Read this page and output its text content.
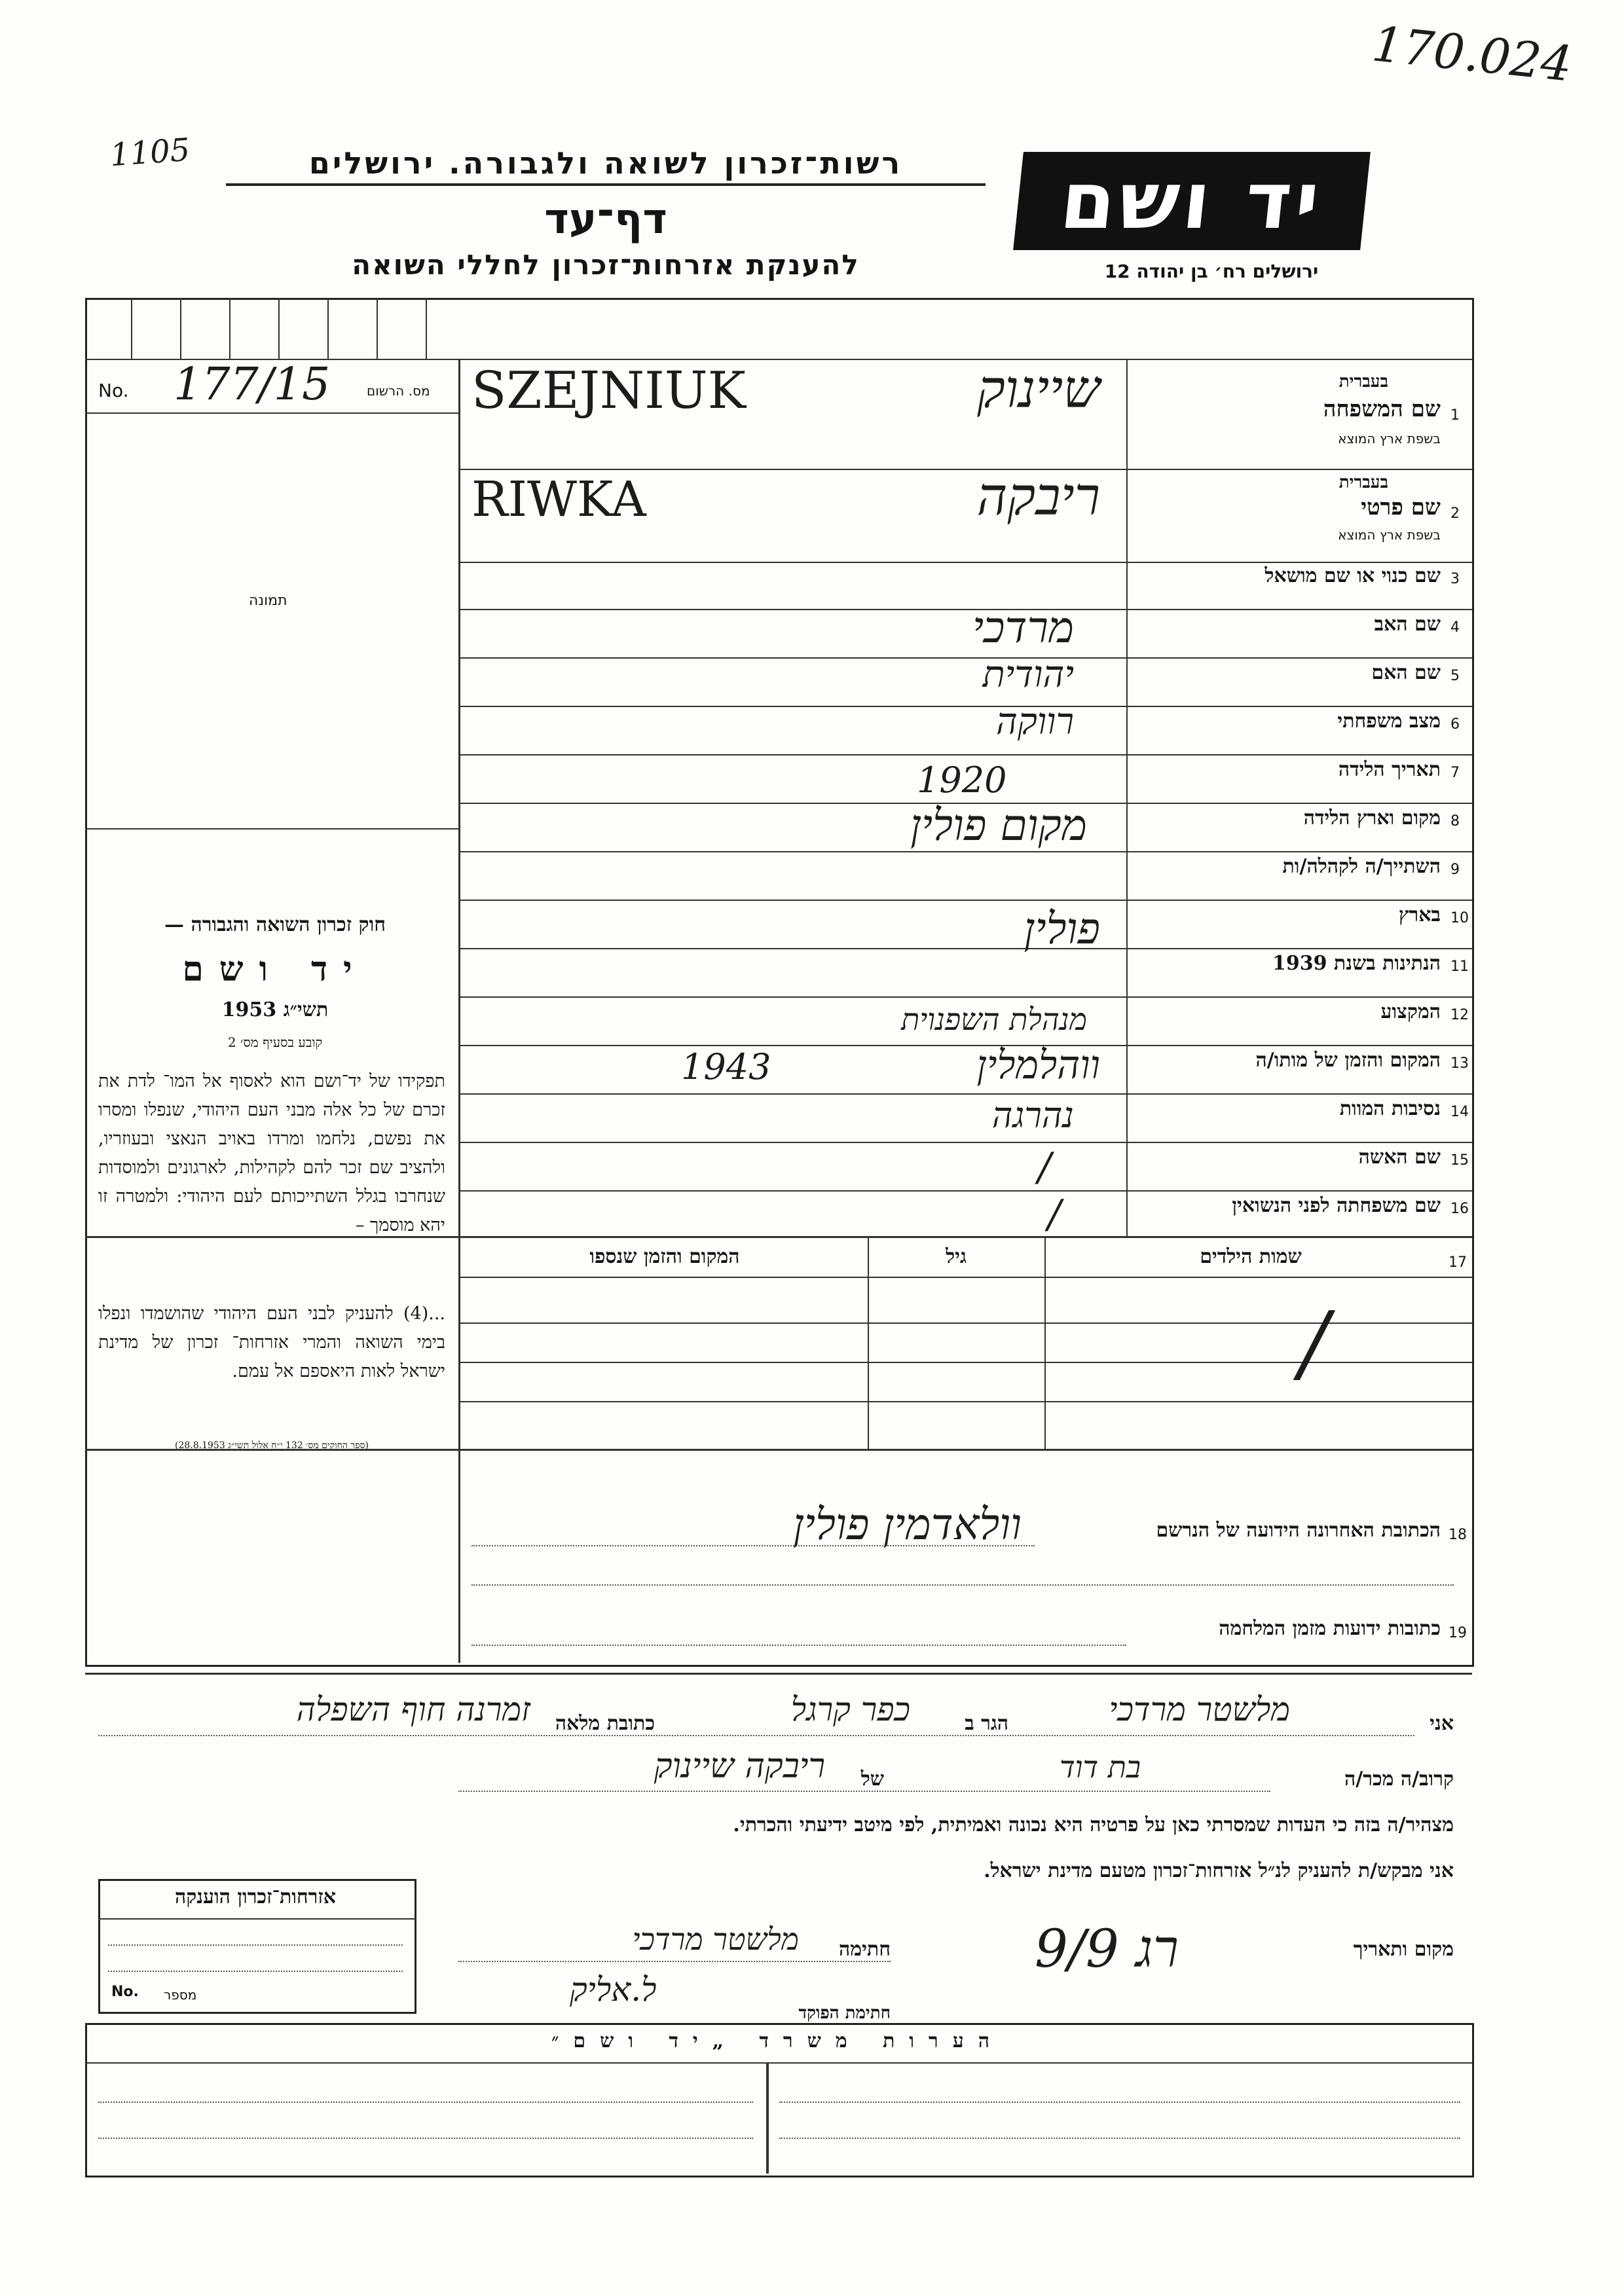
170.024
1105	רשות־זכרון לשואה ולגבורה. ירושלים
דף־עד
להענקת אזרחות־זכרון לחללי השואה
יד ושם
ירושלים רח׳ בן יהודה 12
No. 177/15	מס. הרשום
תמונה
1
שם המשפחה
בעברית
בשפת ארץ המוצא
שיינוק
SZEJNIUK
2
שם פרטי
בעברית
בשפת ארץ המוצא
ריבקה
RIWKA
3
שם כנוי או שם מושאל
4
שם האב
מרדכי
5
שם האם
יהודית
6
מצב משפחתי
רווקה
7
תאריך הלידה
1920
8
מקום וארץ הלידה
מקום פולין
9
השתייך/ה לקהלה/ות
10
בארץ
פולין
11
הנתינות בשנת 1939
12
המקצוע
מנהלת השפנוית
13
המקום והזמן של מותו/ה
ווהלמלין
1943
14
נסיבות המוות
נהרגה
15
שם האשה
/
16
שם משפחתה לפני הנשואין
/
חוק זכרון השואה והגבורה —
יד ושם
תשי״ג 1953
קובע בסעיף מס׳ 2
תפקידו של יד־ושם הוא לאסוף אל המו־ לדת את זכרם של כל אלה מבני העם היהודי, שנפלו ומסרו את נפשם, נלחמו ומרדו באויב הנאצי ובעוזריו, ולהציב שם זכר להם לקהילות, לארגונים ולמוסדות שנחרבו בגלל השתייכותם לעם היהודי: ולמטרה זו יהא מוסמך –
...(4) להעניק לבני העם היהודי שהושמדו ונפלו בימי השואה והמרי אזרחות־ זכרון של מדינת ישראל לאות היאספם אל עמם.
(ספר החוקים מס׳ 132 י״ח אלול תשי״ג 28.8.1953)
17
שמות הילדים
גיל
המקום והזמן שנספו
/
18
הכתובת האחרונה הידועה של הנרשם
וולאדמין פולין
19
כתובות ידועות מזמן המלחמה
אני
מלשטר מרדכי
הגר ב
כפר קרגל
כתובת מלאה
זמרנה חוף השפלה
קרוב/ה מכר/ה
בת דוד
של
ריבקה שיינוק
מצהיר/ה בזה כי העדות שמסרתי כאן על פרטיה היא נכונה ואמיתית, לפי מיטב ידיעתי והכרתי.
אני מבקש/ת להעניק לנ״ל אזרחות־זכרון מטעם מדינת ישראל.
אזרחות־זכרון הוענקה
No. מספר
מקום ותאריך
רג 9/9
חתימה
מלשטר מרדכי
ל.אליק
חתימת הפוקד
הערות משרד „יד ושם״
